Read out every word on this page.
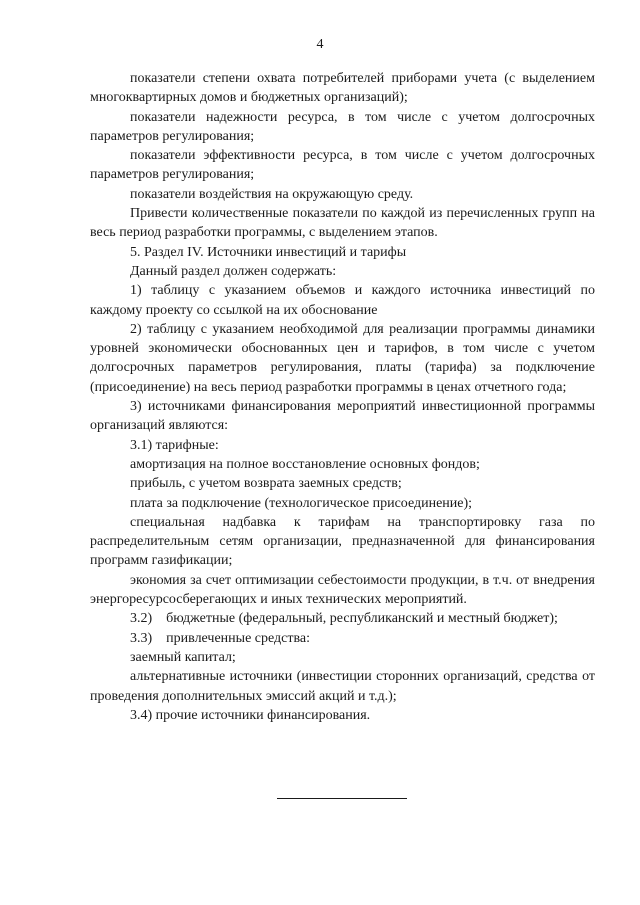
4

показатели степени охвата потребителей приборами учета (с выделением многоквартирных домов и бюджетных организаций);

показатели надежности ресурса, в том числе с учетом долгосрочных параметров регулирования;

показатели эффективности ресурса, в том числе с учетом долгосрочных параметров регулирования;

показатели воздействия на окружающую среду.

Привести количественные показатели по каждой из перечисленных групп на весь период разработки программы, с выделением этапов.

5. Раздел IV. Источники инвестиций и тарифы

Данный раздел должен содержать:

1) таблицу с указанием объемов и каждого источника инвестиций по каждому проекту со ссылкой на их обоснование

2) таблицу с указанием необходимой для реализации программы динамики уровней экономически обоснованных цен и тарифов, в том числе с учетом долгосрочных параметров регулирования, платы (тарифа) за подключение (присоединение) на весь период разработки программы в ценах отчетного года;

3) источниками финансирования мероприятий инвестиционной программы организаций являются:

3.1) тарифные:

амортизация на полное восстановление основных фондов;

прибыль, с учетом возврата заемных средств;

плата за подключение (технологическое присоединение);

специальная надбавка к тарифам на транспортировку газа по распределительным сетям организации, предназначенной для финансирования программ газификации;

экономия за счет оптимизации себестоимости продукции, в т.ч. от внедрения энергоресурсосберегающих и иных технических мероприятий.

3.2)    бюджетные (федеральный, республиканский и местный бюджет);

3.3)    привлеченные средства:

заемный капитал;

альтернативные источники (инвестиции сторонних организаций, средства от проведения дополнительных эмиссий акций и т.д.);

3.4) прочие источники финансирования.
